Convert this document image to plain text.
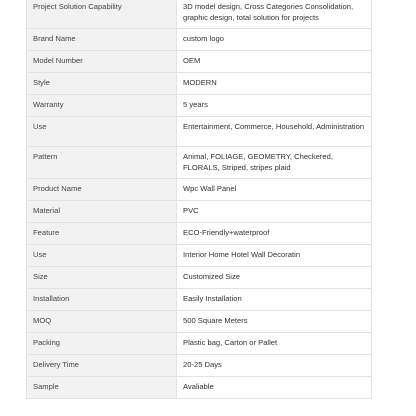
Project Solution Capability	3D model design, Cross Categories Consolidation, graphic design, total solution for projects
Brand Name	custom logo
Model Number	OEM
Style	MODERN
Warranty	5 years
Use	Entertainment, Commerce, Household, Administration
Pattern	Animal, FOLIAGE, GEOMETRY, Checkered, FLORALS, Striped, stripes plaid
Product Name	Wpc Wall Panel
Material	PVC
Feature	ECO-Friendly+waterproof
Use	Interior Home Hotel Wall Decoratin
Size	Customized Size
Installation	Easily Installation
MOQ	500 Square Meters
Packing	Plastic bag, Carton or Pallet
Delivery Time	20-25 Days
Sample	Avaliable
